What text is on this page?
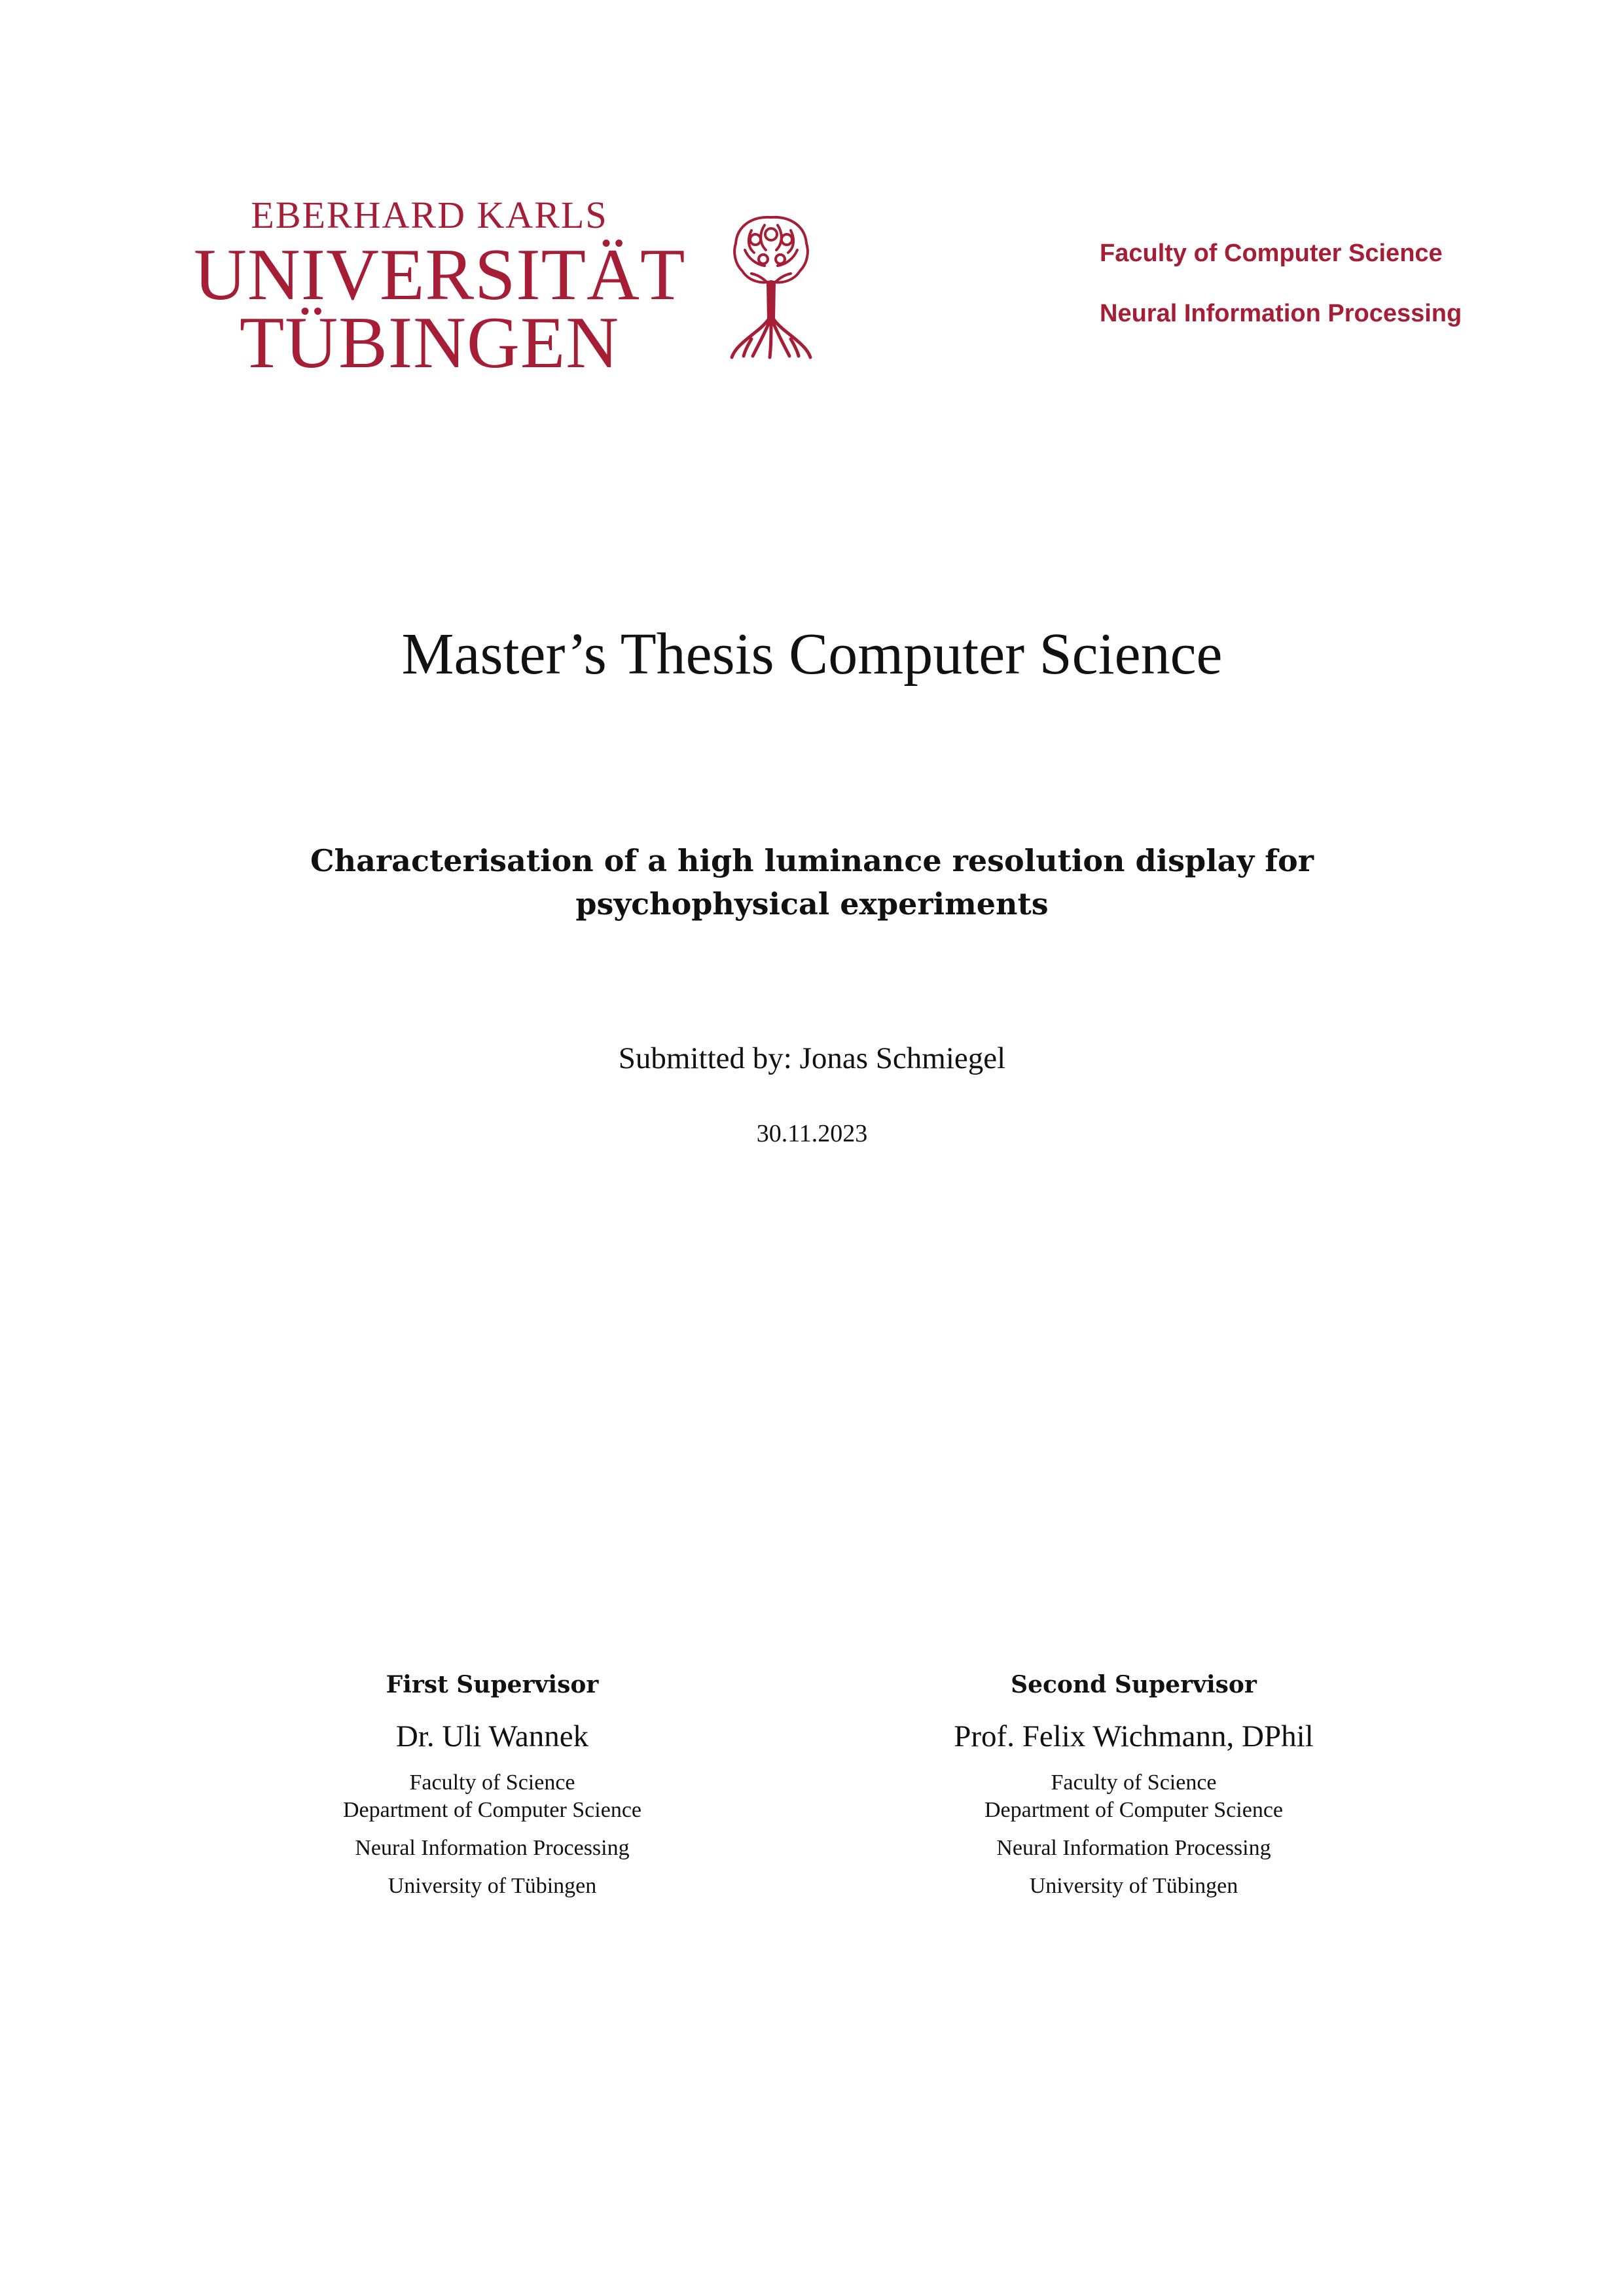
EBERHARD KARLS
UNIVERSITÄT
TÜBINGEN
Faculty of Computer Science
Neural Information Processing
Master’s Thesis Computer Science
Characterisation of a high luminance resolution display for psychophysical experiments
Submitted by: Jonas Schmiegel
30.11.2023
First Supervisor
Dr. Uli Wannek
Faculty of Science
Department of Computer Science
Neural Information Processing
University of Tübingen
Second Supervisor
Prof. Felix Wichmann, DPhil
Faculty of Science
Department of Computer Science
Neural Information Processing
University of Tübingen
